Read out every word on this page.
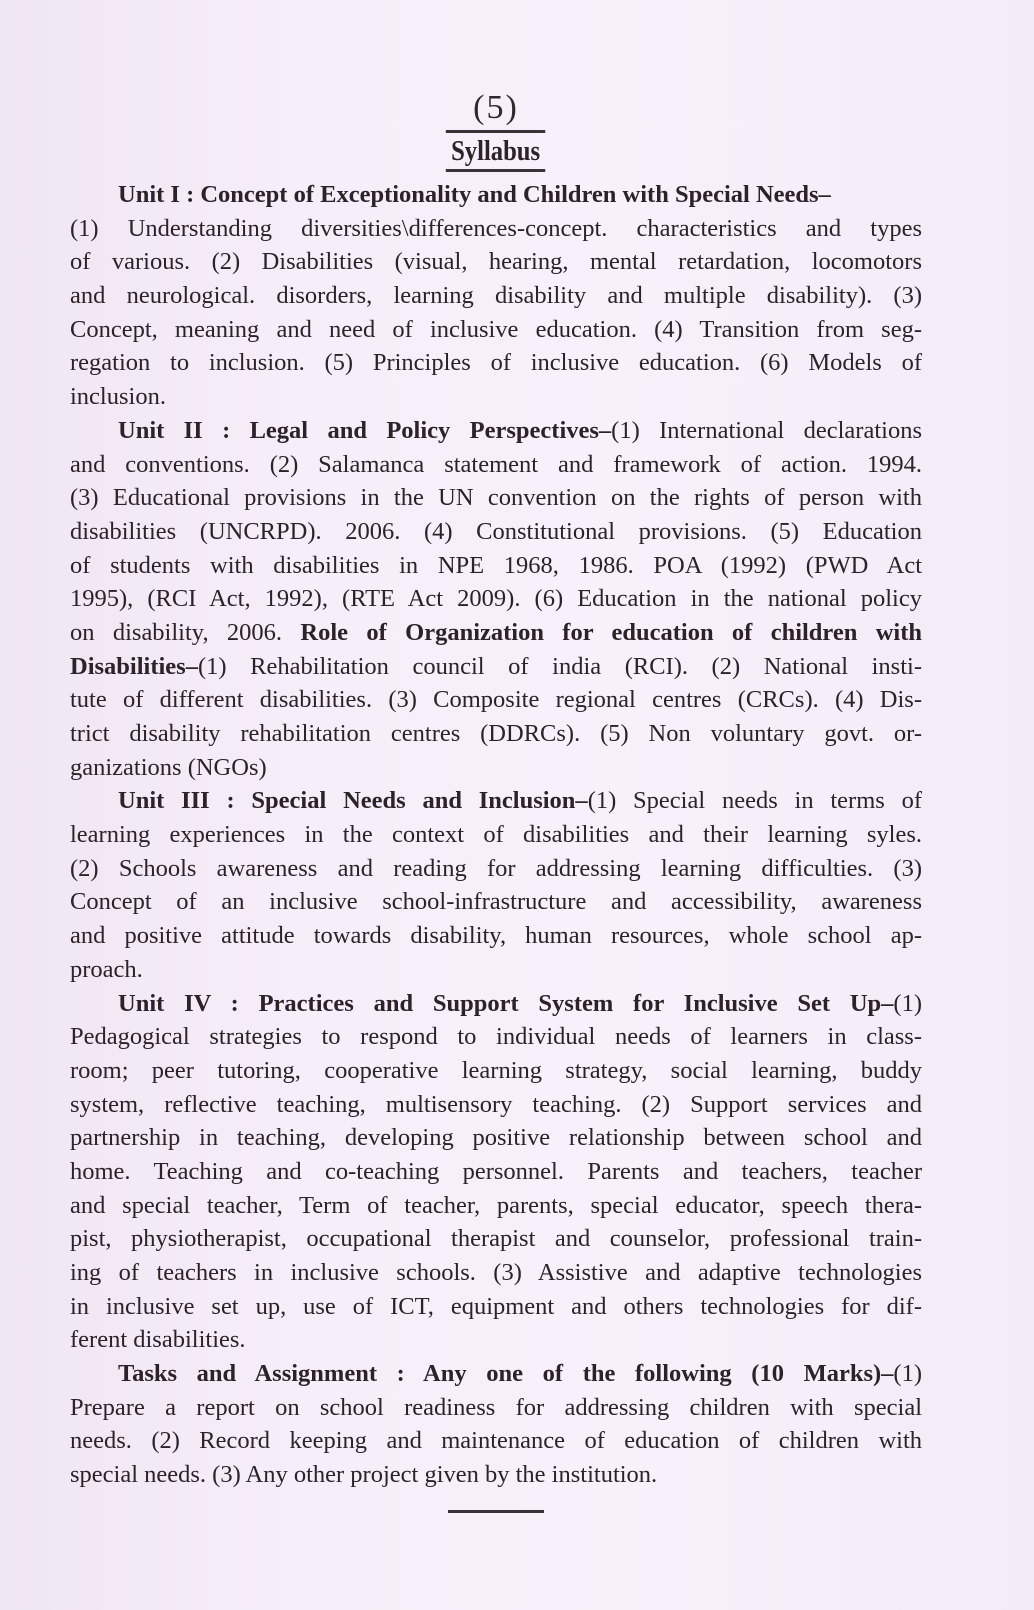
(5)
Syllabus
Unit I : Concept of Exceptionality and Children with Special Needs–
(1) Understanding diversities\differences-concept. characteristics and types
of various. (2) Disabilities (visual, hearing, mental retardation, locomotors
and neurological. disorders, learning disability and multiple disability). (3)
Concept, meaning and need of inclusive education. (4) Transition from seg-
regation to inclusion. (5) Principles of inclusive education. (6) Models of
inclusion.
Unit II : Legal and Policy Perspectives–(1) International declarations
and conventions. (2) Salamanca statement and framework of action. 1994.
(3) Educational provisions in the UN convention on the rights of person with
disabilities (UNCRPD). 2006. (4) Constitutional provisions. (5) Education
of students with disabilities in NPE 1968, 1986. POA (1992) (PWD Act
1995), (RCI Act, 1992), (RTE Act 2009). (6) Education in the national policy
on disability, 2006. Role of Organization for education of children with
Disabilities–(1) Rehabilitation council of india (RCI). (2) National insti-
tute of different disabilities. (3) Composite regional centres (CRCs). (4) Dis-
trict disability rehabilitation centres (DDRCs). (5) Non voluntary govt. or-
ganizations (NGOs)
Unit III : Special Needs and Inclusion–(1) Special needs in terms of
learning experiences in the context of disabilities and their learning syles.
(2) Schools awareness and reading for addressing learning difficulties. (3)
Concept of an inclusive school-infrastructure and accessibility, awareness
and positive attitude towards disability, human resources, whole school ap-
proach.
Unit IV : Practices and Support System for Inclusive Set Up–(1)
Pedagogical strategies to respond to individual needs of learners in class-
room; peer tutoring, cooperative learning strategy, social learning, buddy
system, reflective teaching, multisensory teaching. (2) Support services and
partnership in teaching, developing positive relationship between school and
home. Teaching and co-teaching personnel. Parents and teachers, teacher
and special teacher, Term of teacher, parents, special educator, speech thera-
pist, physiotherapist, occupational therapist and counselor, professional train-
ing of teachers in inclusive schools. (3) Assistive and adaptive technologies
in inclusive set up, use of ICT, equipment and others technologies for dif-
ferent disabilities.
Tasks and Assignment : Any one of the following (10 Marks)–(1)
Prepare a report on school readiness for addressing children with special
needs. (2) Record keeping and maintenance of education of children with
special needs. (3) Any other project given by the institution.
